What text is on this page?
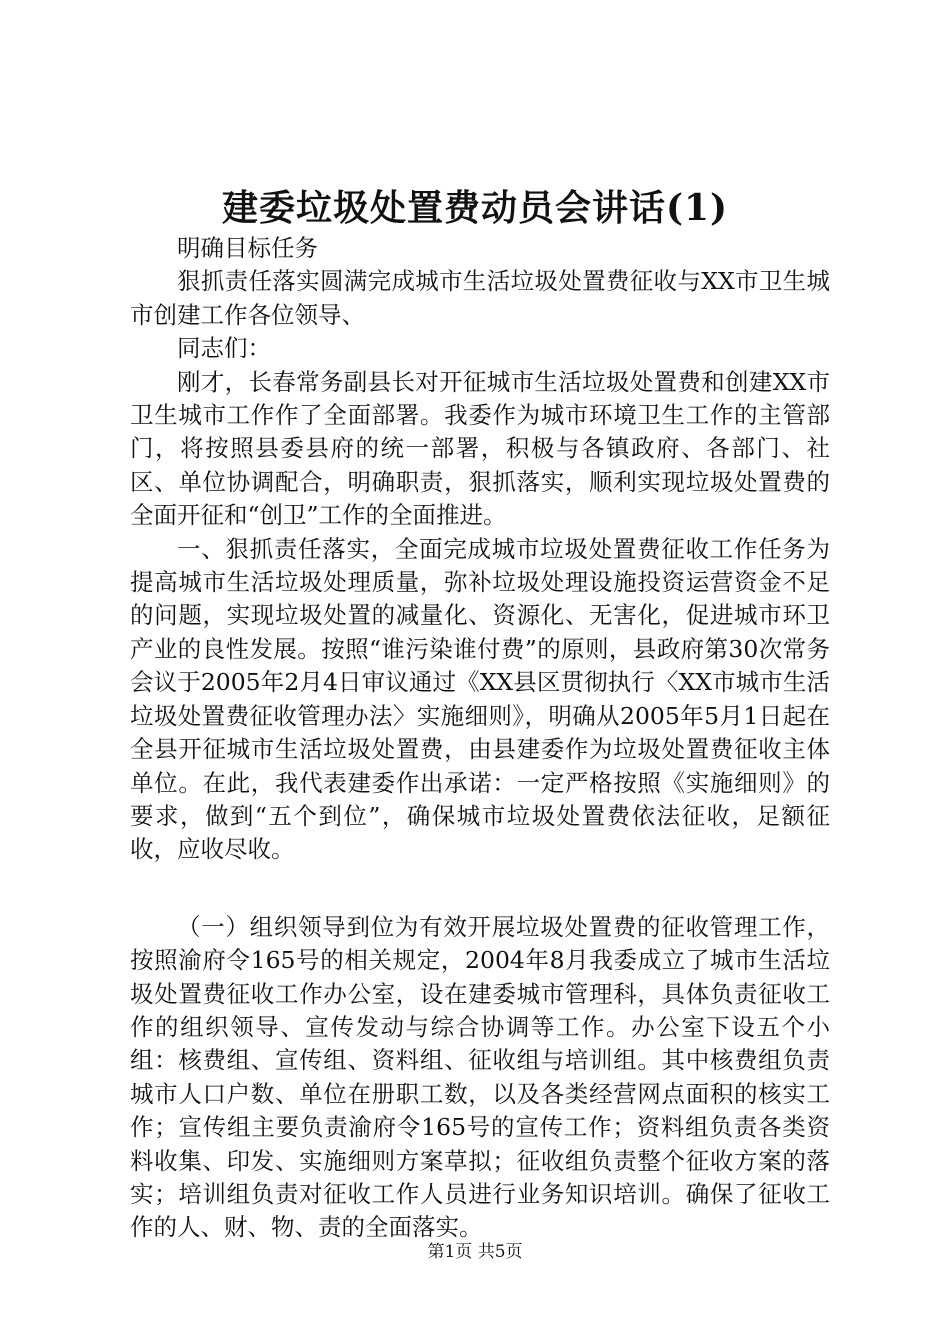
建委垃圾处置费动员会讲话(1)

明确目标任务

狠抓责任落实圆满完成城市生活垃圾处置费征收与XX市卫生城市创建工作各位领导、

同志们：

刚才，长春常务副县长对开征城市生活垃圾处置费和创建XX市卫生城市工作作了全面部署。我委作为城市环境卫生工作的主管部门，将按照县委县府的统一部署，积极与各镇政府、各部门、社区、单位协调配合，明确职责，狠抓落实，顺利实现垃圾处置费的全面开征和“创卫”工作的全面推进。

一、狠抓责任落实，全面完成城市垃圾处置费征收工作任务为提高城市生活垃圾处理质量，弥补垃圾处理设施投资运营资金不足的问题，实现垃圾处置的减量化、资源化、无害化，促进城市环卫产业的良性发展。按照“谁污染谁付费”的原则，县政府第30次常务会议于2005年2月4日审议通过《XX县区贯彻执行〈XX市城市生活垃圾处置费征收管理办法〉实施细则》，明确从2005年5月1日起在全县开征城市生活垃圾处置费，由县建委作为垃圾处置费征收主体单位。在此，我代表建委作出承诺：一定严格按照《实施细则》的要求，做到“五个到位”，确保城市垃圾处置费依法征收，足额征收，应收尽收。

（一）组织领导到位为有效开展垃圾处置费的征收管理工作，按照渝府令165号的相关规定，2004年8月我委成立了城市生活垃圾处置费征收工作办公室，设在建委城市管理科，具体负责征收工作的组织领导、宣传发动与综合协调等工作。办公室下设五个小组：核费组、宣传组、资料组、征收组与培训组。其中核费组负责城市人口户数、单位在册职工数，以及各类经营网点面积的核实工作；宣传组主要负责渝府令165号的宣传工作；资料组负责各类资料收集、印发、实施细则方案草拟；征收组负责整个征收方案的落实；培训组负责对征收工作人员进行业务知识培训。确保了征收工作的人、财、物、责的全面落实。

第1页 共5页
